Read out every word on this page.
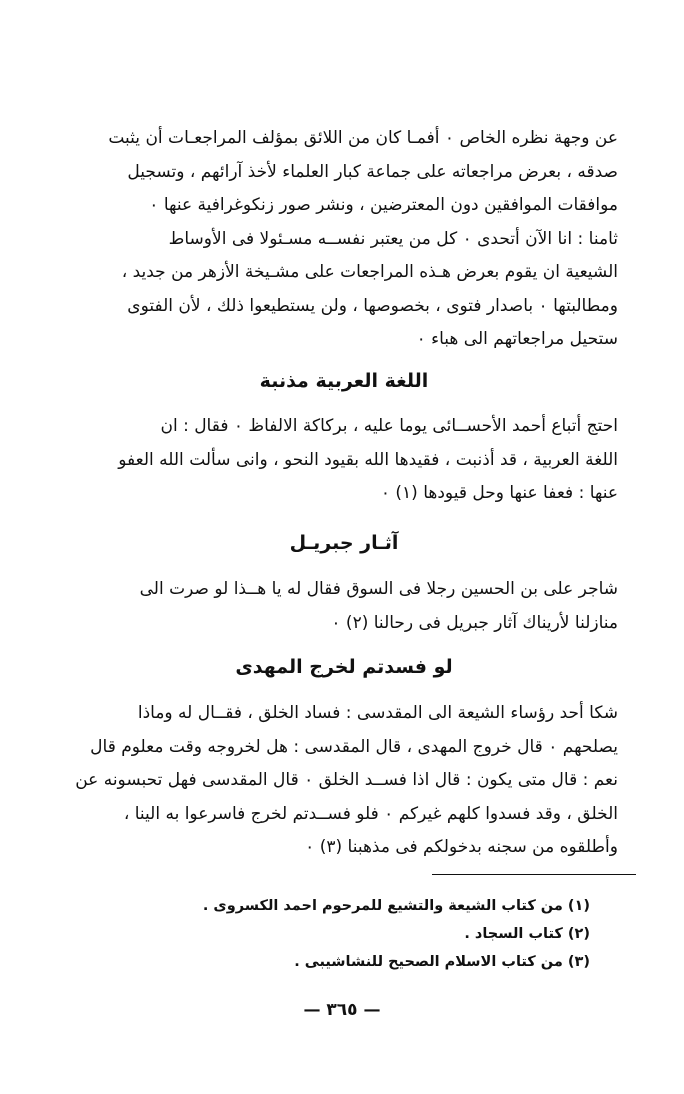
عن وجهة نظره الخاص ۰ أفمـا كان من اللائق بمؤلف المراجعـات أن يثبت
صدقه ، بعرض مراجعاته على جماعة كبار العلماء لأخذ آرائهم ، وتسجيل
موافقات الموافقين دون المعترضين ، ونشر صور زنكوغرافية عنها ۰
ثامنا : انا الآن أتحدى ۰ كل من يعتبر نفســه مسـئولا فى الأوساط
الشيعية ان يقوم بعرض هـذه المراجعات على مشـيخة الأزهر من جديد ،
ومطالبتها ۰ باصدار فتوى ، بخصوصها ، ولن يستطيعوا ذلك ، لأن الفتوى
ستحيل مراجعاتهم الى هباء ۰
اللغة العربية مذنبة
احتج أتباع أحمد الأحســائى يوما عليه ، بركاكة الالفاظ ۰ فقال : ان
اللغة العربية ، قد أذنبت ، فقيدها الله بقيود النحو ، وانى سألت الله العفو
عنها : فعفا عنها وحل قيودها (١) ۰
آثـار جبريـل
شاجر على بن الحسين رجلا فى السوق فقال له يا هــذا لو صرت الى
منازلنا لأريناك آثار جبريل فى رحالنا (٢) ۰
لو فسدتم لخرج المهدى
شكا أحد رؤساء الشيعة الى المقدسى : فساد الخلق ، فقــال له وماذا
يصلحهم ۰ قال خروج المهدى ، قال المقدسى : هل لخروجه وقت معلوم قال
نعم : قال متى يكون : قال اذا فســد الخلق ۰ قال المقدسى فهل تحبسونه عن
الخلق ، وقد فسدوا كلهم غيركم ۰ فلو فســدتم لخرج فاسرعوا به الينا ،
وأطلقوه من سجنه بدخولكم فى مذهبنا (٣) ۰
(١) من كتاب الشيعة والتشيع للمرحوم احمد الكسروى .
(٢) كتاب السجاد .
(٣) من كتاب الاسلام الصحيح للنشاشيبى .
— ٣٦٥ —
